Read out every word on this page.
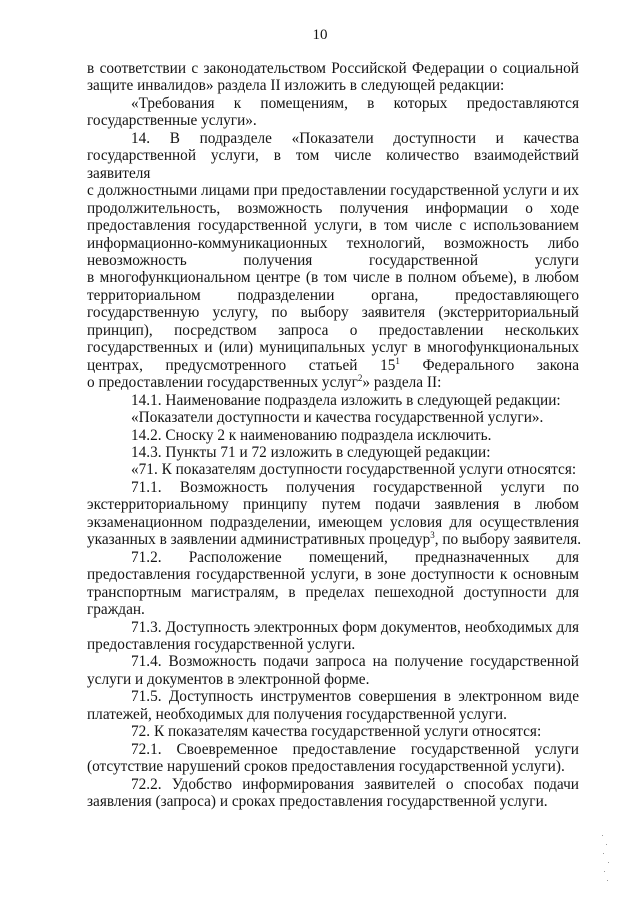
10

в соответствии с законодательством Российской Федерации о социальной
защите инвалидов» раздела II изложить в следующей редакции:

«Требования к помещениям, в которых предоставляются
государственные услуги».

14. В подразделе «Показатели доступности и качества
государственной услуги, в том числе количество взаимодействий заявителя
с должностными лицами при предоставлении государственной услуги и их
продолжительность, возможность получения информации о ходе
предоставления государственной услуги, в том числе с использованием
информационно-коммуникационных технологий, возможность либо
невозможность получения государственной услуги
в многофункциональном центре (в том числе в полном объеме), в любом
территориальном подразделении органа, предоставляющего
государственную услугу, по выбору заявителя (экстерриториальный
принцип), посредством запроса о предоставлении нескольких
государственных и (или) муниципальных услуг в многофункциональных
центрах, предусмотренного статьей $15^1$ Федерального закона
о предоставлении государственных услуг$^2$» раздела II:

14.1. Наименование подраздела изложить в следующей редакции:

«Показатели доступности и качества государственной услуги».

14.2. Сноску 2 к наименованию подраздела исключить.

14.3. Пункты 71 и 72 изложить в следующей редакции:

«71. К показателям доступности государственной услуги относятся:

71.1. Возможность получения государственной услуги по
экстерриториальному принципу путем подачи заявления в любом
экзаменационном подразделении, имеющем условия для осуществления
указанных в заявлении административных процедур$^3$, по выбору заявителя.

71.2. Расположение помещений, предназначенных для
предоставления государственной услуги, в зоне доступности к основным
транспортным магистралям, в пределах пешеходной доступности для
граждан.

71.3. Доступность электронных форм документов, необходимых для
предоставления государственной услуги.

71.4. Возможность подачи запроса на получение государственной
услуги и документов в электронной форме.

71.5. Доступность инструментов совершения в электронном виде
платежей, необходимых для получения государственной услуги.

72. К показателям качества государственной услуги относятся:

72.1. Своевременное предоставление государственной услуги
(отсутствие нарушений сроков предоставления государственной услуги).

72.2. Удобство информирования заявителей о способах подачи
заявления (запроса) и сроках предоставления государственной услуги.
